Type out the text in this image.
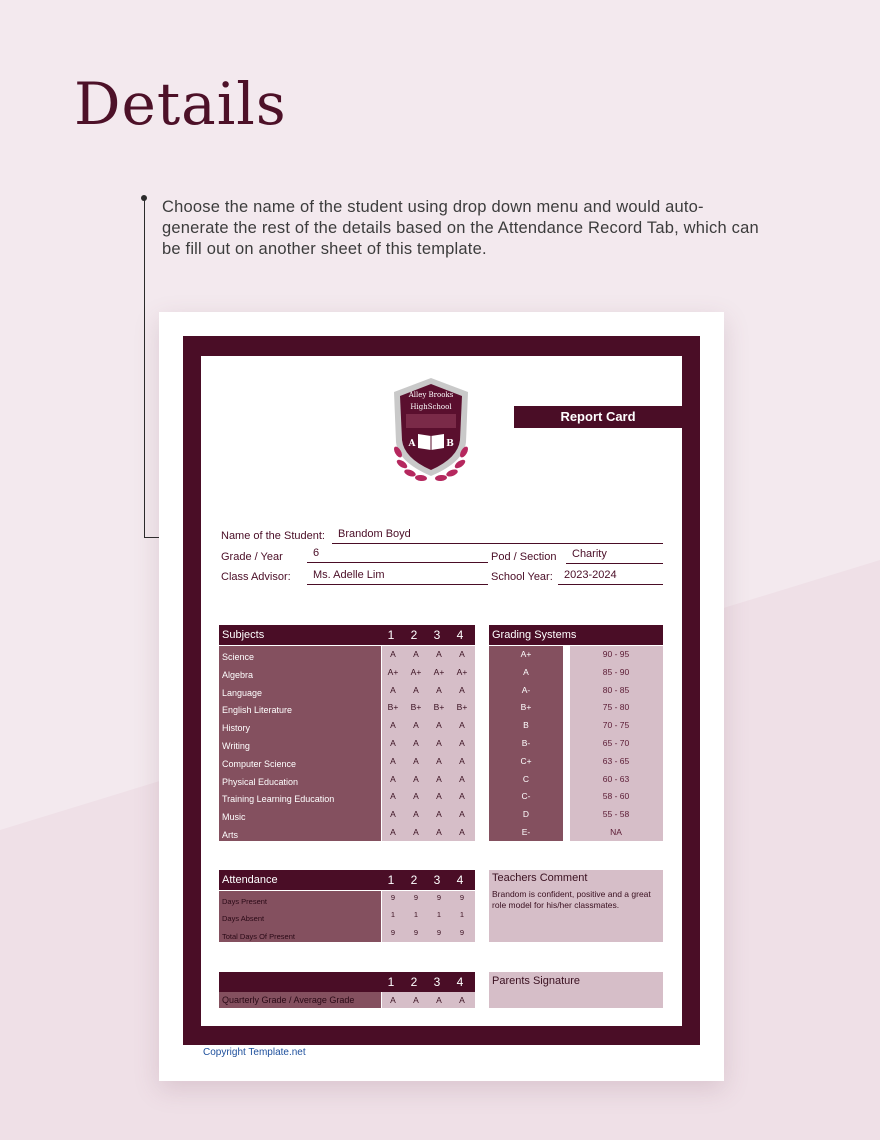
Details
Choose the name of the student using drop down menu and would auto-generate the rest of the details based on the Attendance Record Tab, which can be fill out on another sheet of this template.
Alley Brooks
HighSchool
A	B
Report Card
Name of the Student:	Brandom Boyd
Grade / Year	6	Pod / Section	Charity
Class Advisor:	Ms. Adelle Lim	School Year:	2023-2024
Subjects	1	2	3	4
Science	A	A	A	A
Algebra	A+	A+	A+	A+
Language	A	A	A	A
English Literature	B+	B+	B+	B+
History	A	A	A	A
Writing	A	A	A	A
Computer Science	A	A	A	A
Physical Education	A	A	A	A
Training Learning Education	A	A	A	A
Music	A	A	A	A
Arts	A	A	A	A
Grading Systems
A+	90 - 95
A	85 - 90
A-	80 - 85
B+	75 - 80
B	70 - 75
B-	65 - 70
C+	63 - 65
C	60 - 63
C-	58 - 60
D	55 - 58
E-	NA
Attendance	1	2	3	4
Days Present	9	9	9	9
Days Absent	1	1	1	1
Total Days Of Present	9	9	9	9
Teachers Comment
Brandom is confident, positive and a great role model for his/her classmates.
1	2	3	4
Quarterly Grade / Average Grade	A	A	A	A
Parents Signature
Copyright Template.net
